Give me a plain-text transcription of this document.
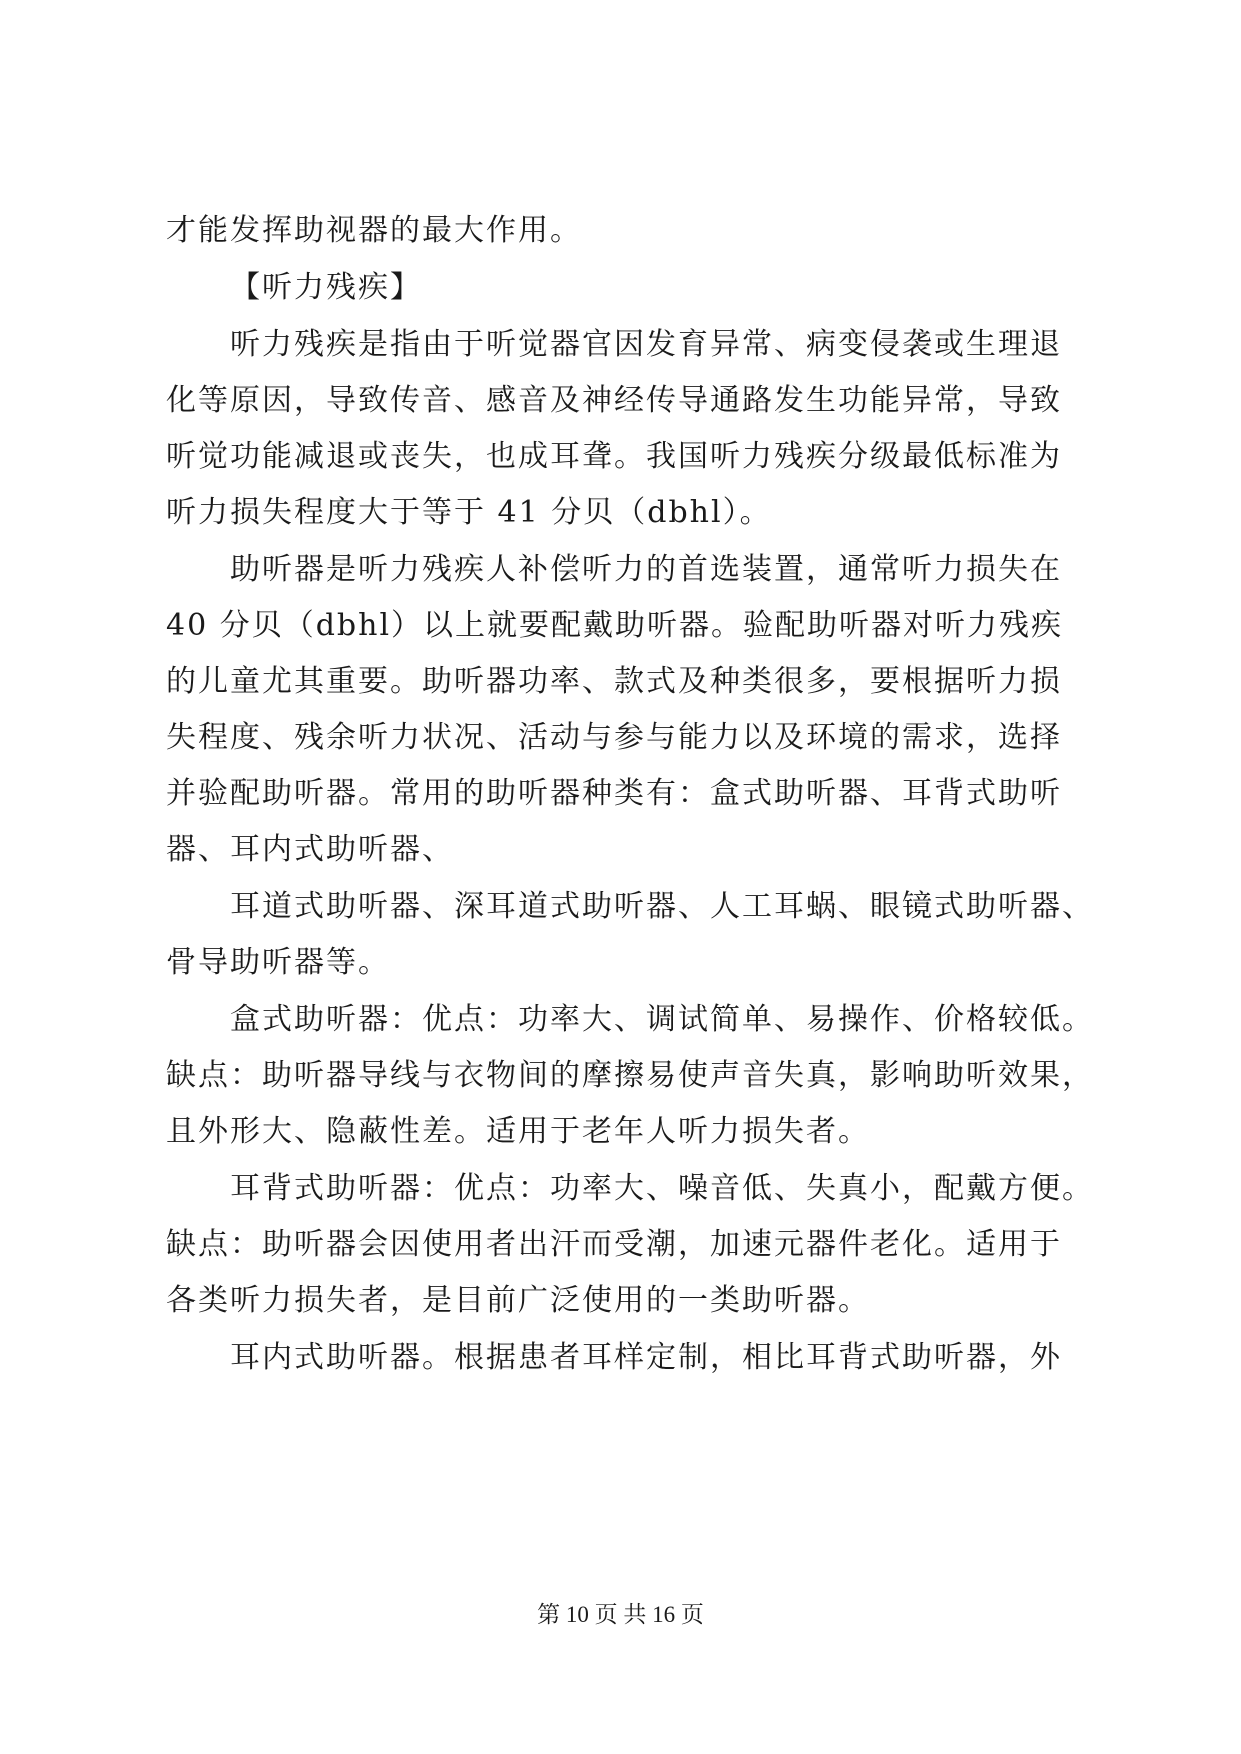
才能发挥助视器的最大作用。
【听力残疾】
听力残疾是指由于听觉器官因发育异常、病变侵袭或生理退
化等原因，导致传音、感音及神经传导通路发生功能异常，导致
听觉功能减退或丧失，也成耳聋。我国听力残疾分级最低标准为
听力损失程度大于等于 41 分贝（dbhl）。
助听器是听力残疾人补偿听力的首选装置，通常听力损失在
40 分贝（dbhl）以上就要配戴助听器。验配助听器对听力残疾
的儿童尤其重要。助听器功率、款式及种类很多，要根据听力损
失程度、残余听力状况、活动与参与能力以及环境的需求，选择
并验配助听器。常用的助听器种类有：盒式助听器、耳背式助听
器、耳内式助听器、
耳道式助听器、深耳道式助听器、人工耳蜗、眼镜式助听器、
骨导助听器等。
盒式助听器：优点：功率大、调试简单、易操作、价格较低。
缺点：助听器导线与衣物间的摩擦易使声音失真，影响助听效果，
且外形大、隐蔽性差。适用于老年人听力损失者。
耳背式助听器：优点：功率大、噪音低、失真小，配戴方便。
缺点：助听器会因使用者出汗而受潮，加速元器件老化。适用于
各类听力损失者，是目前广泛使用的一类助听器。
耳内式助听器。根据患者耳样定制，相比耳背式助听器，外
第 10 页 共 16 页
